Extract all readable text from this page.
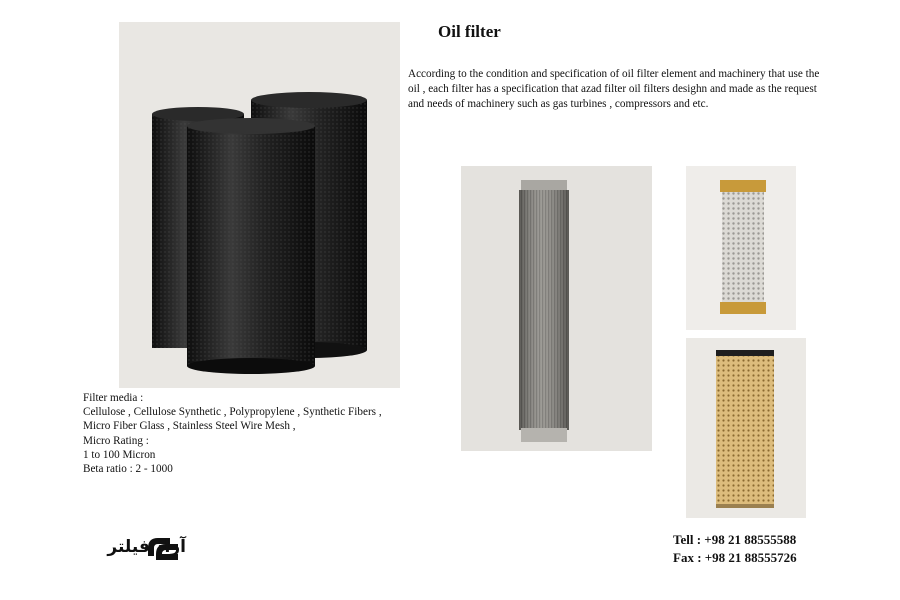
Oil filter
According to the condition and specification of oil filter element and machinery that use the oil , each filter has a specification that azad filter oil filters desighn and made as the request and needs of machinery such as gas turbines , compressors and etc.
Filter media :
Cellulose , Cellulose Synthetic , Polypropylene , Synthetic Fibers ,
Micro Fiber Glass , Stainless Steel Wire Mesh ,
Micro Rating :
1 to 100 Micron
Beta ratio : 2 - 1000
آزاد فیلتر	Tell : +98 21 88555588
Fax : +98 21 88555726
